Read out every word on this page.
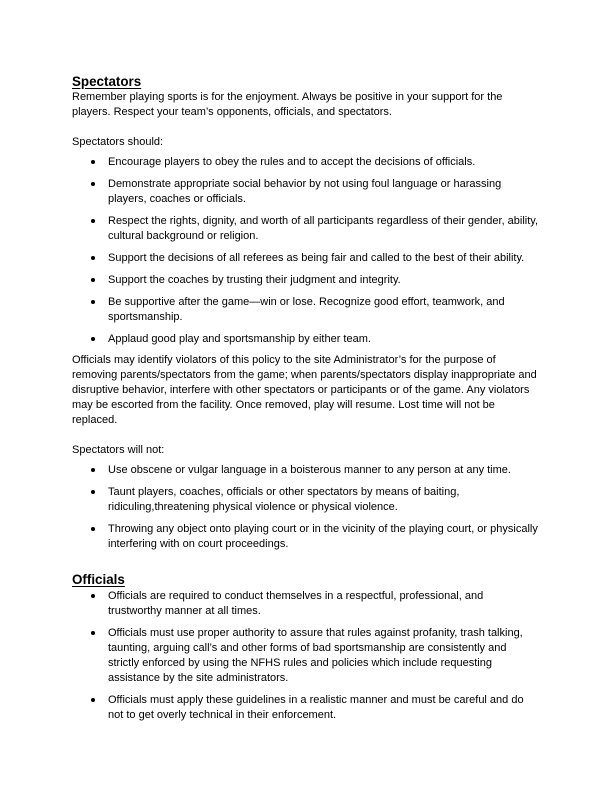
Spectators

Remember playing sports is for the enjoyment. Always be positive in your support for the players. Respect your team’s opponents, officials, and spectators.

Spectators should:

Encourage players to obey the rules and to accept the decisions of officials.
Demonstrate appropriate social behavior by not using foul language or harassing players, coaches or officials.
Respect the rights, dignity, and worth of all participants regardless of their gender, ability, cultural background or religion.
Support the decisions of all referees as being fair and called to the best of their ability.
Support the coaches by trusting their judgment and integrity.
Be supportive after the game—win or lose. Recognize good effort, teamwork, and sportsmanship.
Applaud good play and sportsmanship by either team.

Officials may identify violators of this policy to the site Administrator’s for the purpose of removing parents/spectators from the game; when parents/spectators display inappropriate and disruptive behavior, interfere with other spectators or participants or of the game. Any violators may be escorted from the facility. Once removed, play will resume. Lost time will not be replaced.

Spectators will not:

Use obscene or vulgar language in a boisterous manner to any person at any time.
Taunt players, coaches, officials or other spectators by means of baiting, ridiculing,threatening physical violence or physical violence.
Throwing any object onto playing court or in the vicinity of the playing court, or physically interfering with on court proceedings.
Officials
Officials are required to conduct themselves in a respectful, professional, and trustworthy manner at all times.
Officials must use proper authority to assure that rules against profanity, trash talking, taunting, arguing call’s and other forms of bad sportsmanship are consistently and strictly enforced by using the NFHS rules and policies which include requesting assistance by the site administrators.
Officials must apply these guidelines in a realistic manner and must be careful and do not to get overly technical in their enforcement.
